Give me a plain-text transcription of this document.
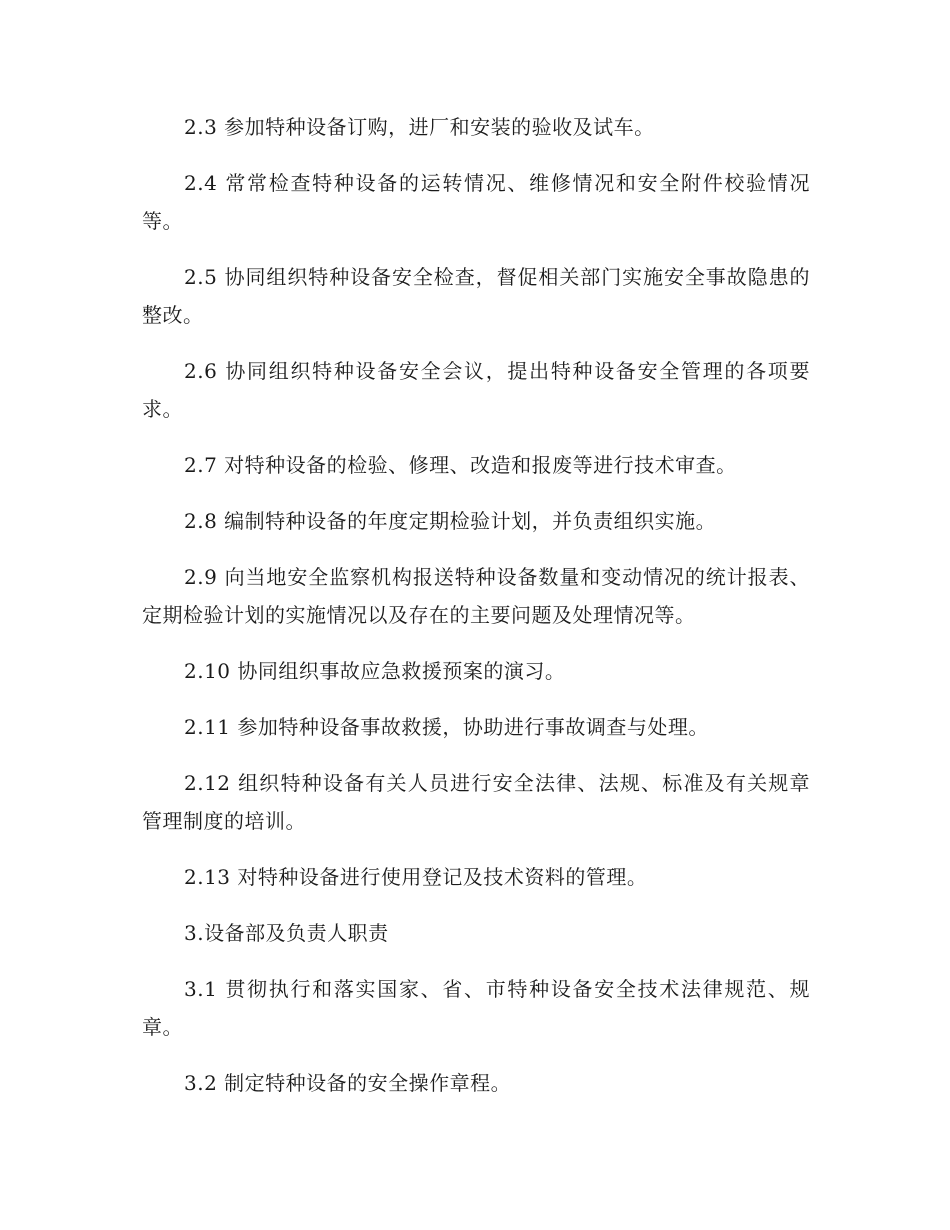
2.3 参加特种设备订购，进厂和安装的验收及试车。

2.4 常常检查特种设备的运转情况、维修情况和安全附件校验情况等。

2.5 协同组织特种设备安全检查，督促相关部门实施安全事故隐患的整改。

2.6 协同组织特种设备安全会议，提出特种设备安全管理的各项要求。

2.7 对特种设备的检验、修理、改造和报废等进行技术审查。

2.8 编制特种设备的年度定期检验计划，并负责组织实施。

2.9 向当地安全监察机构报送特种设备数量和变动情况的统计报表、定期检验计划的实施情况以及存在的主要问题及处理情况等。

2.10 协同组织事故应急救援预案的演习。

2.11 参加特种设备事故救援，协助进行事故调查与处理。

2.12 组织特种设备有关人员进行安全法律、法规、标准及有关规章管理制度的培训。

2.13 对特种设备进行使用登记及技术资料的管理。

3.设备部及负责人职责

3.1 贯彻执行和落实国家、省、市特种设备安全技术法律规范、规章。

3.2 制定特种设备的安全操作章程。
